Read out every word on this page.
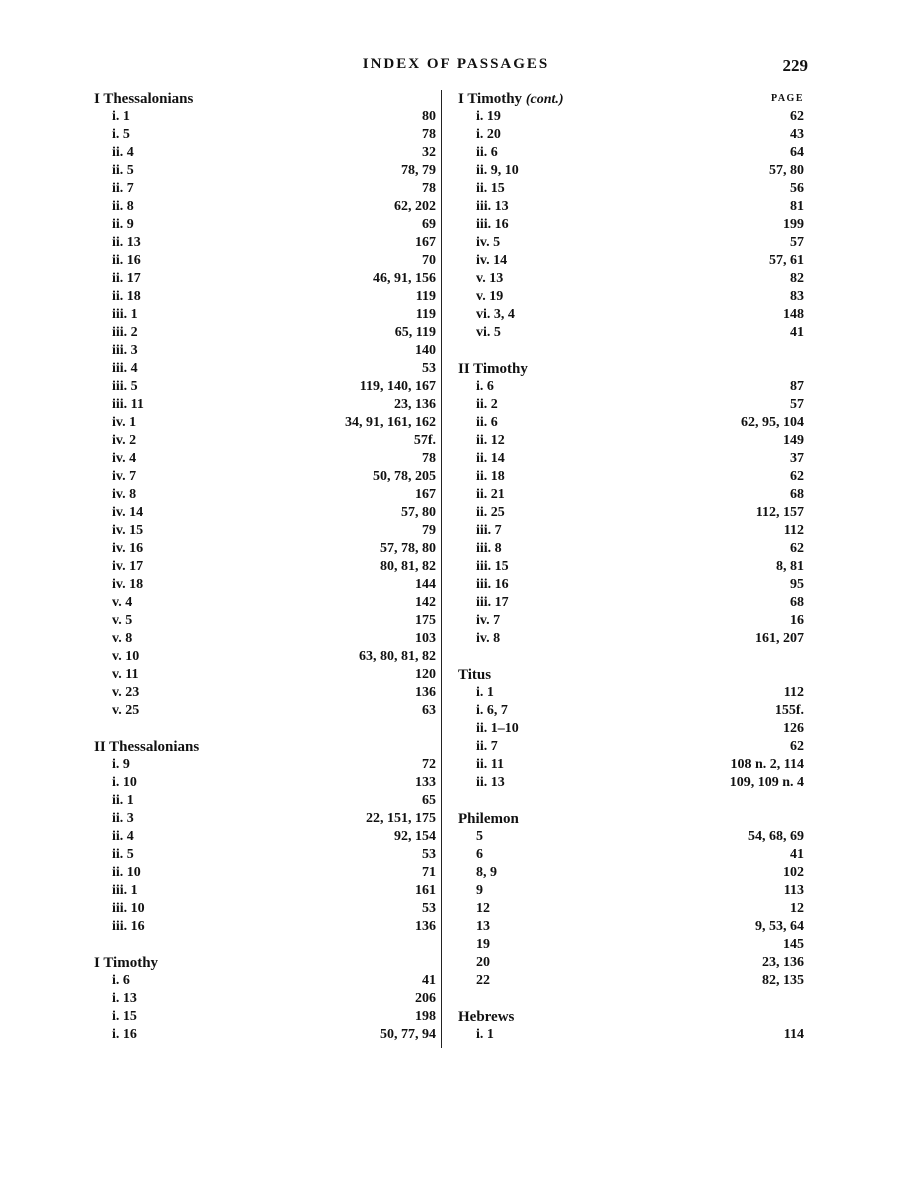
INDEX OF PASSAGES	229
I Thessalonians
i. 1	80
i. 5	78
ii. 4	32
ii. 5	78, 79
ii. 7	78
ii. 8	62, 202
ii. 9	69
ii. 13	167
ii. 16	70
ii. 17	46, 91, 156
ii. 18	119
iii. 1	119
iii. 2	65, 119
iii. 3	140
iii. 4	53
iii. 5	119, 140, 167
iii. 11	23, 136
iv. 1	34, 91, 161, 162
iv. 2	57f.
iv. 4	78
iv. 7	50, 78, 205
iv. 8	167
iv. 14	57, 80
iv. 15	79
iv. 16	57, 78, 80
iv. 17	80, 81, 82
iv. 18	144
v. 4	142
v. 5	175
v. 8	103
v. 10	63, 80, 81, 82
v. 11	120
v. 23	136
v. 25	63
II Thessalonians
i. 9	72
i. 10	133
ii. 1	65
ii. 3	22, 151, 175
ii. 4	92, 154
ii. 5	53
ii. 10	71
iii. 1	161
iii. 10	53
iii. 16	136
I Timothy
i. 6	41
i. 13	206
i. 15	198
i. 16	50, 77, 94
I Timothy (cont.)	PAGE
i. 19	62
i. 20	43
ii. 6	64
ii. 9, 10	57, 80
ii. 15	56
iii. 13	81
iii. 16	199
iv. 5	57
iv. 14	57, 61
v. 13	82
v. 19	83
vi. 3, 4	148
vi. 5	41
II Timothy
i. 6	87
ii. 2	57
ii. 6	62, 95, 104
ii. 12	149
ii. 14	37
ii. 18	62
ii. 21	68
ii. 25	112, 157
iii. 7	112
iii. 8	62
iii. 15	8, 81
iii. 16	95
iii. 17	68
iv. 7	16
iv. 8	161, 207
Titus
i. 1	112
i. 6, 7	155f.
ii. 1–10	126
ii. 7	62
ii. 11	108 n. 2, 114
ii. 13	109, 109 n. 4
Philemon
5	54, 68, 69
6	41
8, 9	102
9	113
12	12
13	9, 53, 64
19	145
20	23, 136
22	82, 135
Hebrews
i. 1	114
